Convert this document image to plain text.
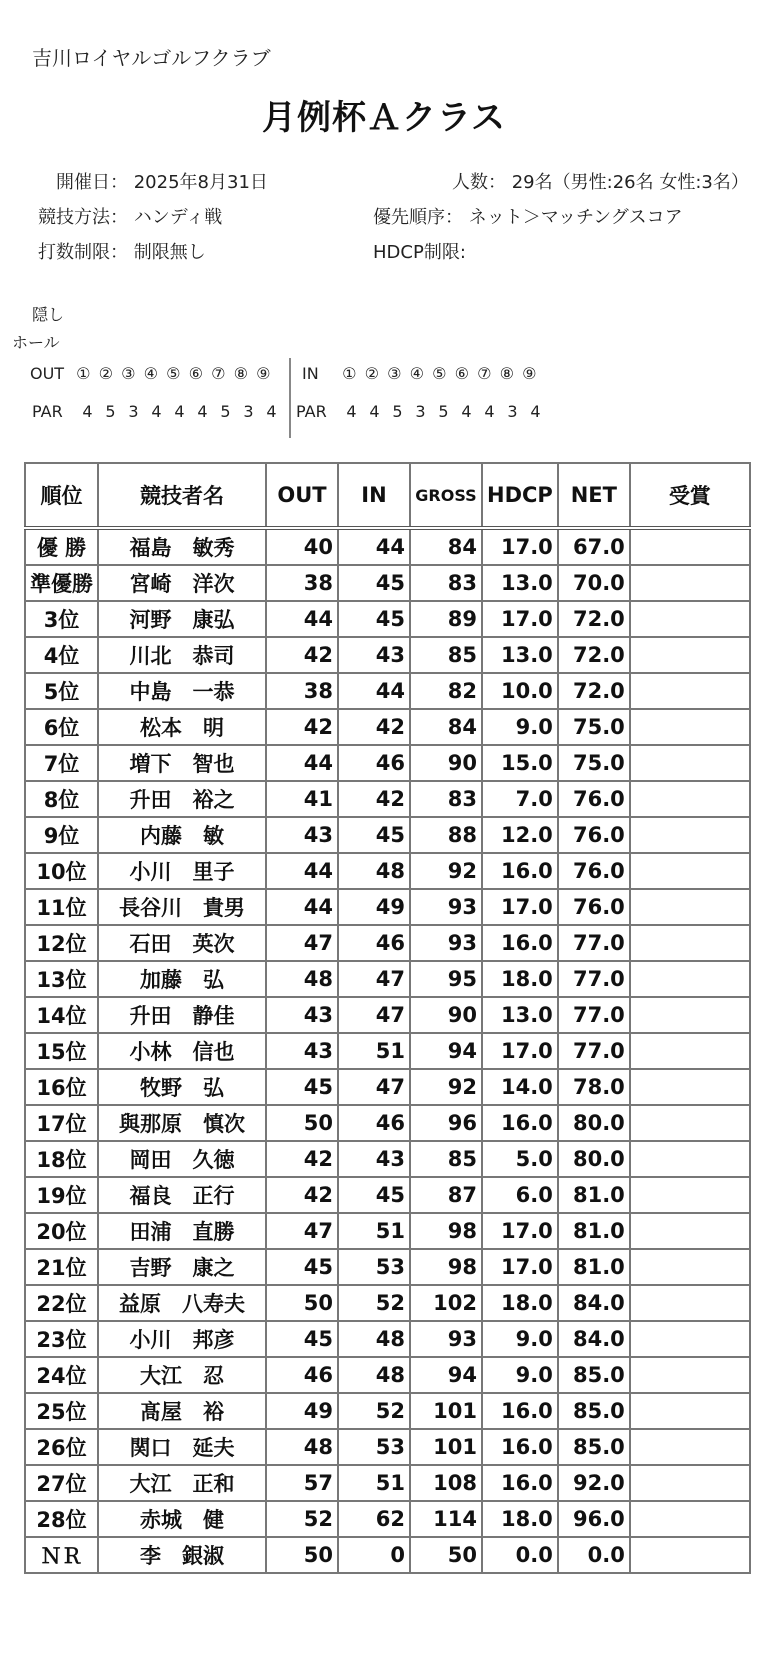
吉川ロイヤルゴルフクラブ
月例杯Ａクラス
開催日： 2025年8月31日	人数： 29名（男性:26名 女性:3名）
競技方法： ハンディ戦	優先順序： ネット＞マッチングスコア
打数制限： 制限無し	HDCP制限:
隠し
ホール
OUT ① ② ③ ④ ⑤ ⑥ ⑦ ⑧ ⑨ IN ① ② ③ ④ ⑤ ⑥ ⑦ ⑧ ⑨
PAR 4 5 3 4 4 4 5 3 4	PAR 4 4 5 3 5 4 4 3 4
順位	競技者名	OUT	IN	GROSS	HDCP	NET	受賞
優 勝	福島　敏秀	40	44	84	17.0	67.0	
準優勝	宮崎　洋次	38	45	83	13.0	70.0	
3位	河野　康弘	44	45	89	17.0	72.0	
4位	川北　恭司	42	43	85	13.0	72.0	
5位	中島　一恭	38	44	82	10.0	72.0	
6位	松本　明	42	42	84	9.0	75.0	
7位	増下　智也	44	46	90	15.0	75.0	
8位	升田　裕之	41	42	83	7.0	76.0	
9位	内藤　敏	43	45	88	12.0	76.0	
10位	小川　里子	44	48	92	16.0	76.0	
11位	長谷川　貴男	44	49	93	17.0	76.0	
12位	石田　英次	47	46	93	16.0	77.0	
13位	加藤　弘	48	47	95	18.0	77.0	
14位	升田　静佳	43	47	90	13.0	77.0	
15位	小林　信也	43	51	94	17.0	77.0	
16位	牧野　弘	45	47	92	14.0	78.0	
17位	與那原　慎次	50	46	96	16.0	80.0	
18位	岡田　久徳	42	43	85	5.0	80.0	
19位	福良　正行	42	45	87	6.0	81.0	
20位	田浦　直勝	47	51	98	17.0	81.0	
21位	吉野　康之	45	53	98	17.0	81.0	
22位	益原　八寿夫	50	52	102	18.0	84.0	
23位	小川　邦彦	45	48	93	9.0	84.0	
24位	大江　忍	46	48	94	9.0	85.0	
25位	髙屋　裕	49	52	101	16.0	85.0	
26位	関口　延夫	48	53	101	16.0	85.0	
27位	大江　正和	57	51	108	16.0	92.0	
28位	赤城　健	52	62	114	18.0	96.0	
ＮＲ	李　銀淑	50	0	50	0.0	0.0	
